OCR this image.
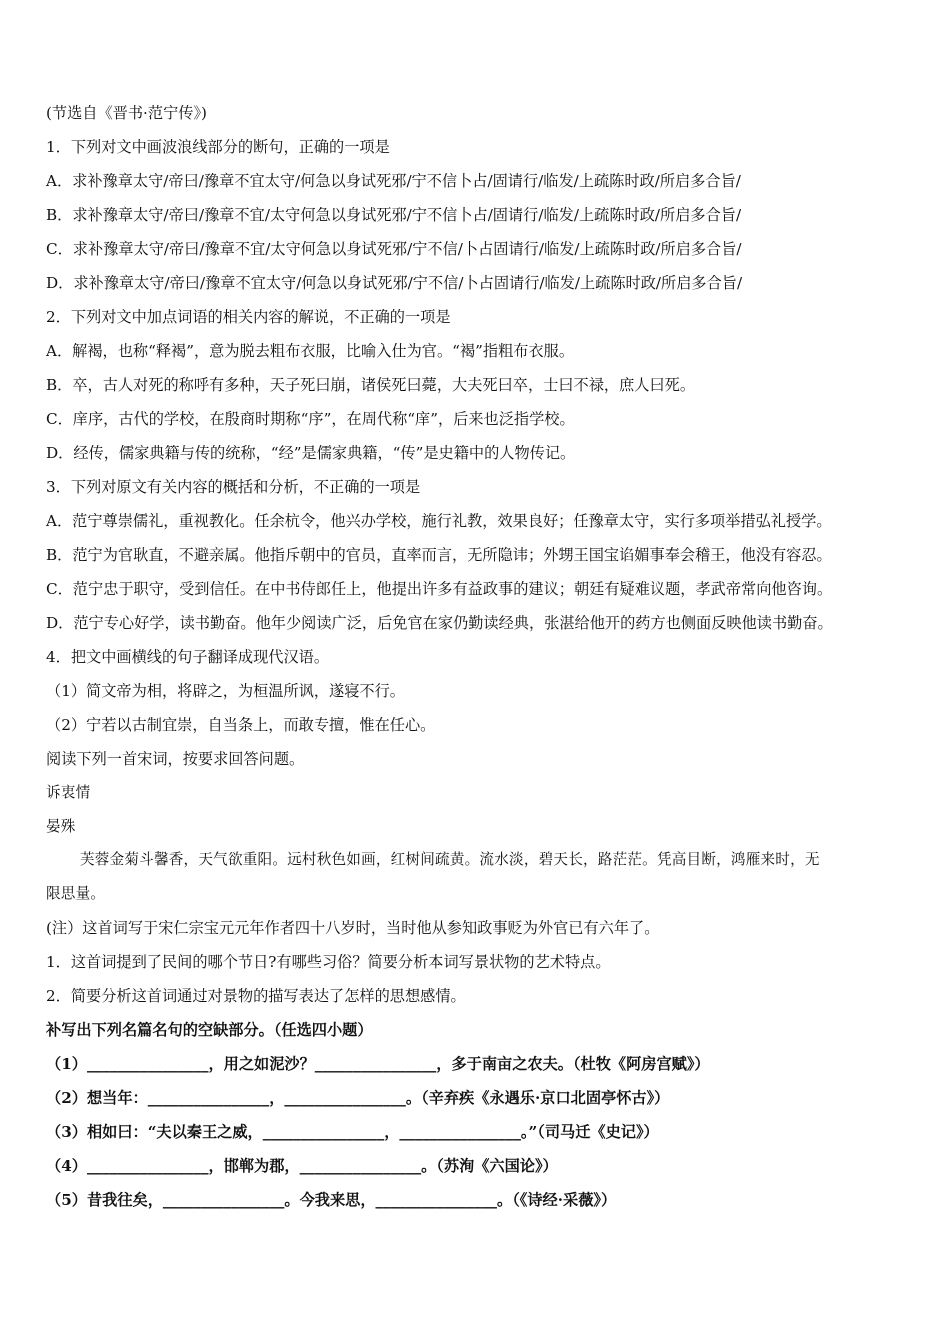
(节选自《晋书·范宁传》)
1．下列对文中画波浪线部分的断句，正确的一项是
A．求补豫章太守/帝曰/豫章不宜太守/何急以身试死邪/宁不信卜占/固请行/临发/上疏陈时政/所启多合旨/
B．求补豫章太守/帝曰/豫章不宜/太守何急以身试死邪/宁不信卜占/固请行/临发/上疏陈时政/所启多合旨/
C．求补豫章太守/帝曰/豫章不宜/太守何急以身试死邪/宁不信/卜占固请行/临发/上疏陈时政/所启多合旨/
D．求补豫章太守/帝曰/豫章不宜太守/何急以身试死邪/宁不信/卜占固请行/临发/上疏陈时政/所启多合旨/
2．下列对文中加点词语的相关内容的解说，不正确的一项是
A．解褐，也称“释褐”，意为脱去粗布衣服，比喻入仕为官。“褐”指粗布衣服。
B．卒，古人对死的称呼有多种，天子死曰崩，诸侯死曰薨，大夫死曰卒，士曰不禄，庶人曰死。
C．庠序，古代的学校，在殷商时期称“序”，在周代称“庠”，后来也泛指学校。
D．经传，儒家典籍与传的统称，“经”是儒家典籍，“传”是史籍中的人物传记。
3．下列对原文有关内容的概括和分析，不正确的一项是
A．范宁尊崇儒礼，重视教化。任余杭令，他兴办学校，施行礼教，效果良好；任豫章太守，实行多项举措弘礼授学。
B．范宁为官耿直，不避亲属。他指斥朝中的官员，直率而言，无所隐讳；外甥王国宝谄媚事奉会稽王，他没有容忍。
C．范宁忠于职守，受到信任。在中书侍郎任上，他提出许多有益政事的建议；朝廷有疑难议题，孝武帝常向他咨询。
D．范宁专心好学，读书勤奋。他年少阅读广泛，后免官在家仍勤读经典，张湛给他开的药方也侧面反映他读书勤奋。
4．把文中画横线的句子翻译成现代汉语。
（1）简文帝为相，将辟之，为桓温所讽，遂寝不行。
（2）宁若以古制宜崇，自当条上，而敢专擅，惟在任心。
阅读下列一首宋词，按要求回答问题。
诉衷情
晏殊
芙蓉金菊斗馨香，天气欲重阳。远村秋色如画，红树间疏黄。流水淡，碧天长，路茫茫。凭高目断，鸿雁来时，无
限思量。
(注）这首词写于宋仁宗宝元元年作者四十八岁时，当时他从参知政事贬为外官已有六年了。
1．这首词提到了民间的哪个节日?有哪些习俗？简要分析本词写景状物的艺术特点。
2．简要分析这首词通过对景物的描写表达了怎样的思想感情。
补写出下列名篇名句的空缺部分。（任选四小题）
（1）________________，用之如泥沙？________________，多于南亩之农夫。（杜牧《阿房宫赋》）
（2）想当年：________________，________________。（辛弃疾《永遇乐·京口北固亭怀古》）
（3）相如曰：“夫以秦王之威，________________，________________。”（司马迁《史记》）
（4）________________，邯郸为郡，________________。（苏洵《六国论》）
（5）昔我往矣，________________。今我来思，________________。（《诗经·采薇》）
